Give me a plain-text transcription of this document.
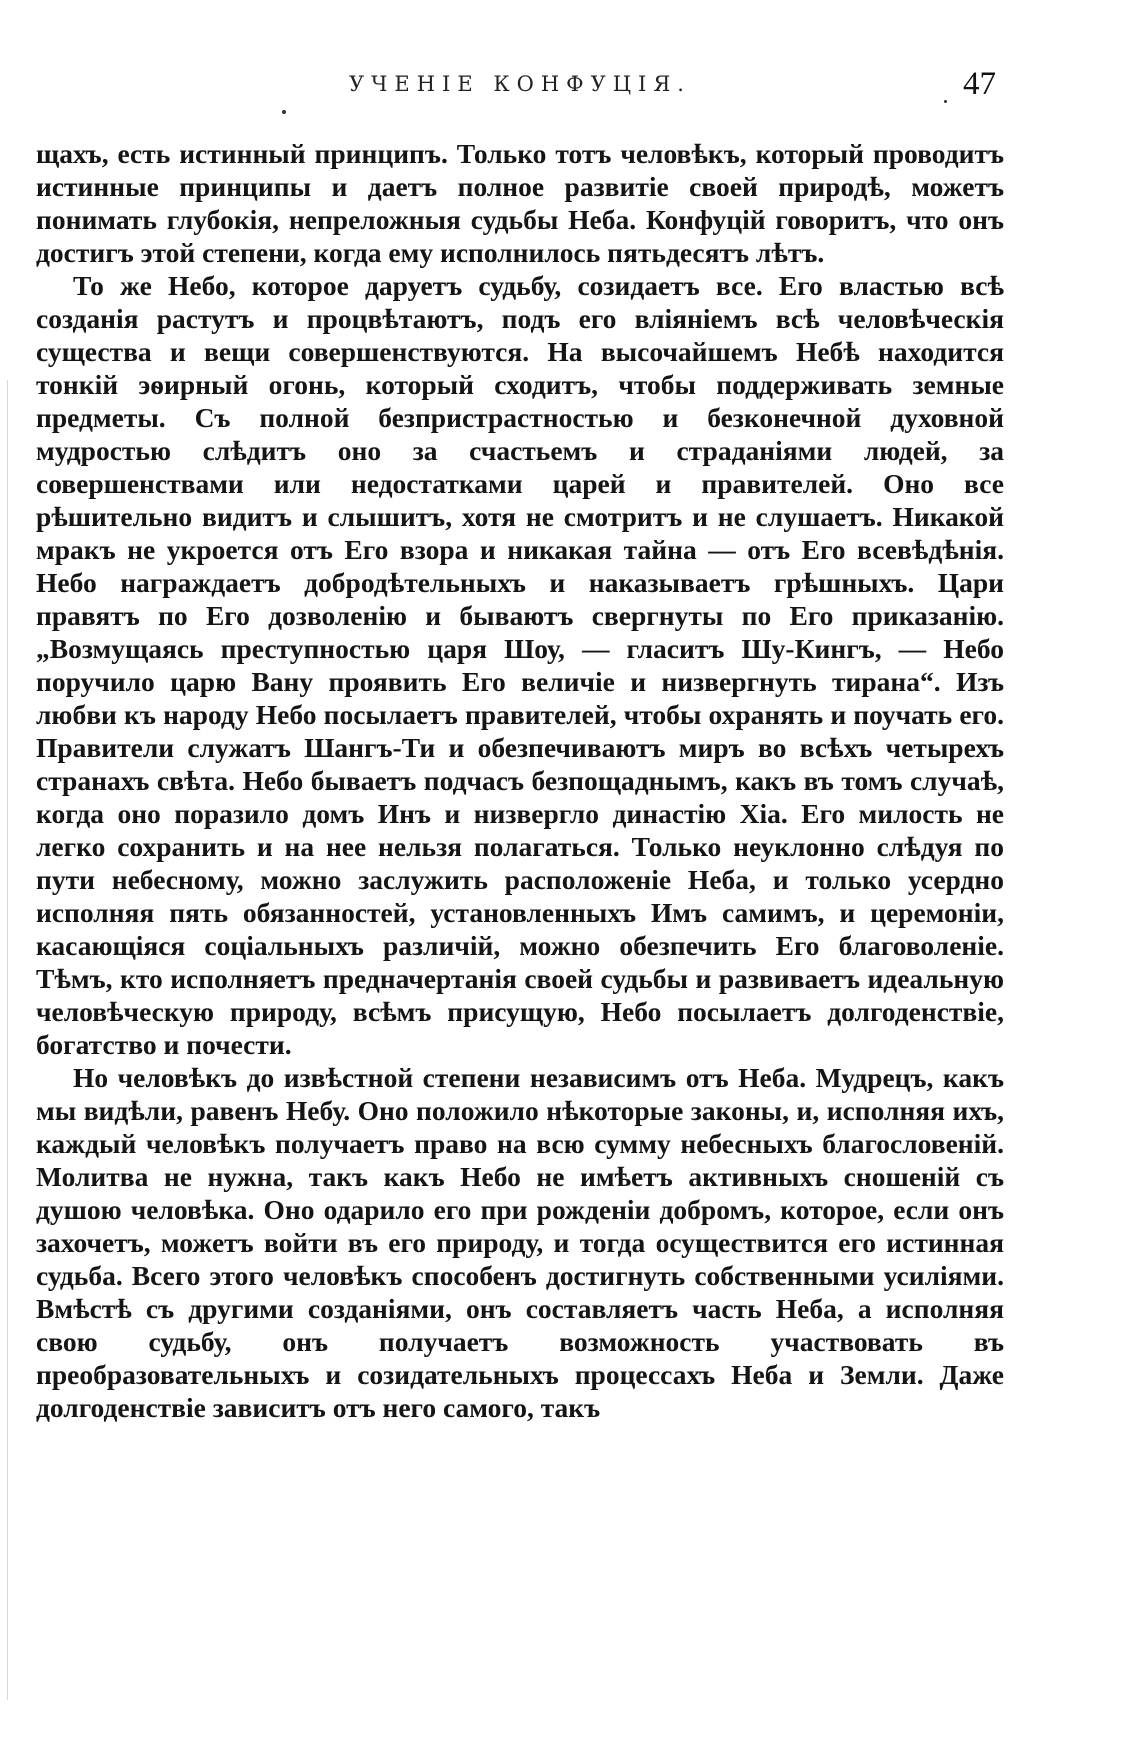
УЧЕНІЕ КОНФУЦІЯ.	47

щахъ, есть истинный принципъ. Только тотъ человѣкъ, который проводитъ истинные принципы и даетъ полное развитіе своей природѣ, можетъ понимать глубокія, непреложныя судьбы Неба. Конфуцій говоритъ, что онъ достигъ этой степени, когда ему исполнилось пятьдесятъ лѣтъ.

То же Небо, которое даруетъ судьбу, созидаетъ все. Его властью всѣ созданія растутъ и процвѣтаютъ, подъ его вліяніемъ всѣ человѣческія существа и вещи совершенствуются. На высочайшемъ Небѣ находится тонкій эѳирный огонь, который сходитъ, чтобы поддерживать земные предметы. Съ полной безпристрастностью и безконечной духовной мудростью слѣдитъ оно за счастьемъ и страданіями людей, за совершенствами или недостатками царей и правителей. Оно все рѣшительно видитъ и слышитъ, хотя не смотритъ и не слушаетъ. Никакой мракъ не укроется отъ Его взора и никакая тайна — отъ Его всевѣдѣнія. Небо награждаетъ добродѣтельныхъ и наказываетъ грѣшныхъ. Цари правятъ по Его дозволенію и бываютъ свергнуты по Его приказанію. „Возмущаясь преступностью царя Шоу, — гласитъ Шу-Кингъ, — Небо поручило царю Вану проявить Его величіе и низвергнуть тирана“. Изъ любви къ народу Небо посылаетъ правителей, чтобы охранять и поучать его. Правители служатъ Шангъ-Ти и обезпечиваютъ миръ во всѣхъ четырехъ странахъ свѣта. Небо бываетъ подчасъ безпощаднымъ, какъ въ томъ случаѣ, когда оно поразило домъ Инъ и низвергло династію Хіа. Его милость не легко сохранить и на нее нельзя полагаться. Только неуклонно слѣдуя по пути небесному, можно заслужить расположеніе Неба, и только усердно исполняя пять обязанностей, установленныхъ Имъ самимъ, и церемоніи, касающіяся соціальныхъ различій, можно обезпечить Его благоволеніе. Тѣмъ, кто исполняетъ предначертанія своей судьбы и развиваетъ идеальную человѣческую природу, всѣмъ присущую, Небо посылаетъ долгоденствіе, богатство и почести.

Но человѣкъ до извѣстной степени независимъ отъ Неба. Мудрецъ, какъ мы видѣли, равенъ Небу. Оно положило нѣкоторые законы, и, исполняя ихъ, каждый человѣкъ получаетъ право на всю сумму небесныхъ благословеній. Молитва не нужна, такъ какъ Небо не имѣетъ активныхъ сношеній съ душою человѣка. Оно одарило его при рожденіи добромъ, которое, если онъ захочетъ, можетъ войти въ его природу, и тогда осуществится его истинная судьба. Всего этого человѣкъ способенъ достигнуть собственными усиліями. Вмѣстѣ съ другими созданіями, онъ составляетъ часть Неба, а исполняя свою судьбу, онъ получаетъ возможность участвовать въ преобразовательныхъ и созидательныхъ процессахъ Неба и Земли. Даже долгоденствіе зависитъ отъ него самого, такъ
